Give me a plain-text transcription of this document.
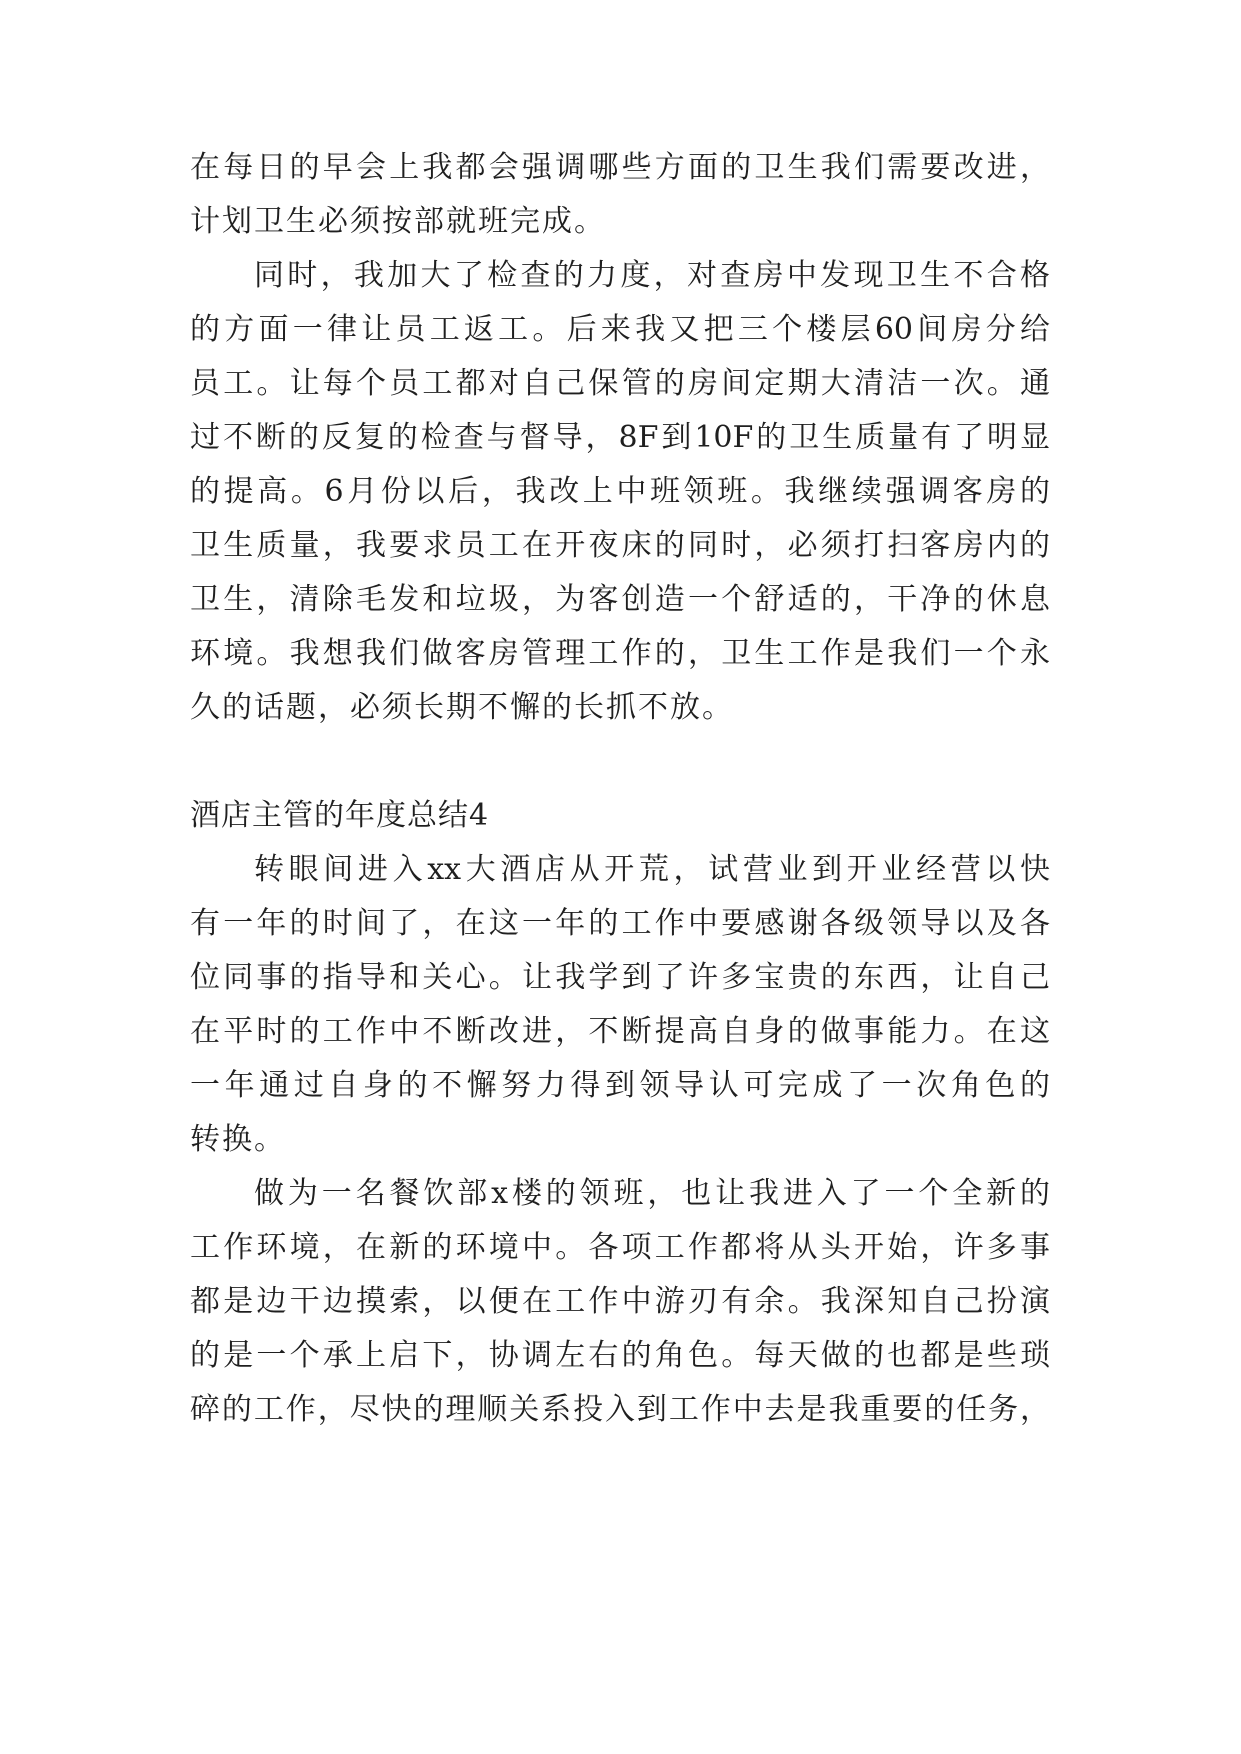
在每日的早会上我都会强调哪些方面的卫生我们需要改进，
计划卫生必须按部就班完成。
同时，我加大了检查的力度，对查房中发现卫生不合格
的方面一律让员工返工。后来我又把三个楼层60间房分给
员工。让每个员工都对自己保管的房间定期大清洁一次。通
过不断的反复的检查与督导，8F到10F的卫生质量有了明显
的提高。6月份以后，我改上中班领班。我继续强调客房的
卫生质量，我要求员工在开夜床的同时，必须打扫客房内的
卫生，清除毛发和垃圾，为客创造一个舒适的，干净的休息
环境。我想我们做客房管理工作的，卫生工作是我们一个永
久的话题，必须长期不懈的长抓不放。
酒店主管的年度总结4
转眼间进入xx大酒店从开荒，试营业到开业经营以快
有一年的时间了，在这一年的工作中要感谢各级领导以及各
位同事的指导和关心。让我学到了许多宝贵的东西，让自己
在平时的工作中不断改进，不断提高自身的做事能力。在这
一年通过自身的不懈努力得到领导认可完成了一次角色的
转换。
做为一名餐饮部x楼的领班，也让我进入了一个全新的
工作环境，在新的环境中。各项工作都将从头开始，许多事
都是边干边摸索，以便在工作中游刃有余。我深知自己扮演
的是一个承上启下，协调左右的角色。每天做的也都是些琐
碎的工作，尽快的理顺关系投入到工作中去是我重要的任务，
